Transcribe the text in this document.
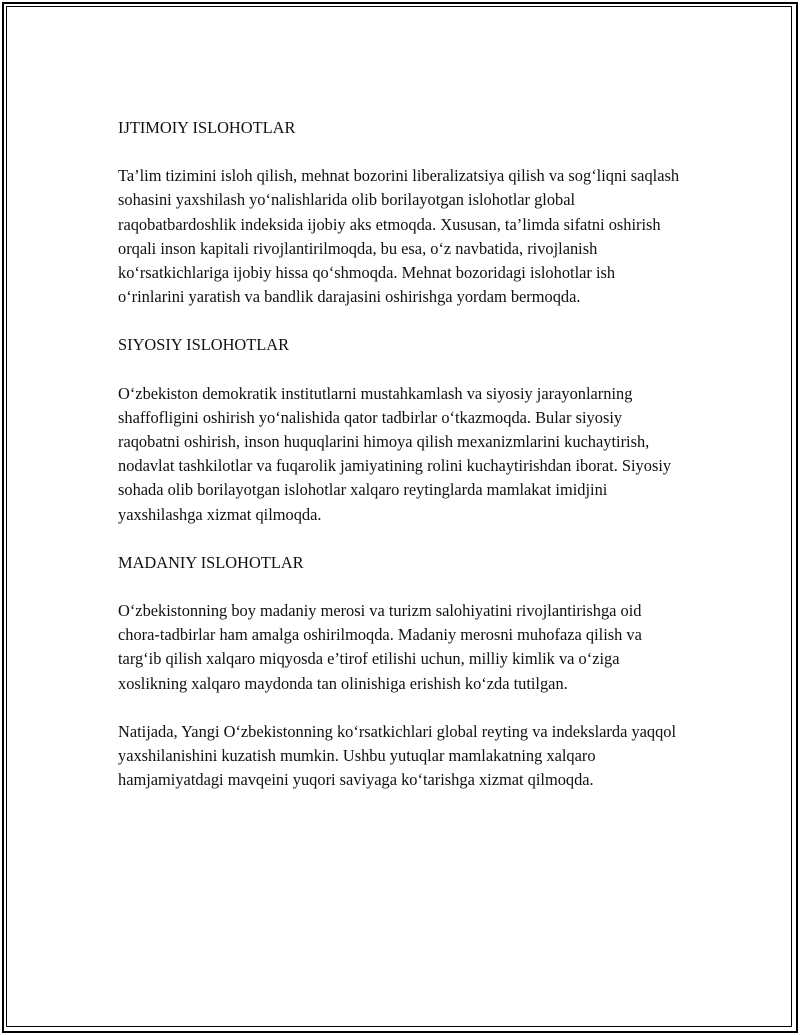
IJTIMOIY ISLOHOTLAR
Ta’lim tizimini isloh qilish, mehnat bozorini liberalizatsiya qilish va sog‘liqni saqlash sohasini yaxshilash yo‘nalishlarida olib borilayotgan islohotlar global raqobatbardoshlik indeksida ijobiy aks etmoqda. Xususan, ta’limda sifatni oshirish orqali inson kapitali rivojlantirilmoqda, bu esa, o‘z navbatida, rivojlanish ko‘rsatkichlariga ijobiy hissa qo‘shmoqda. Mehnat bozoridagi islohotlar ish o‘rinlarini yaratish va bandlik darajasini oshirishga yordam bermoqda.
SIYOSIY ISLOHOTLAR
O‘zbekiston demokratik institutlarni mustahkamlash va siyosiy jarayonlarning shaffofligini oshirish yo‘nalishida qator tadbirlar o‘tkazmoqda. Bular siyosiy raqobatni oshirish, inson huquqlarini himoya qilish mexanizmlarini kuchaytirish, nodavlat tashkilotlar va fuqarolik jamiyatining rolini kuchaytirishdan iborat. Siyosiy sohada olib borilayotgan islohotlar xalqaro reytinglarda mamlakat imidjini yaxshilashga xizmat qilmoqda.
MADANIY ISLOHOTLAR
O‘zbekistonning boy madaniy merosi va turizm salohiyatini rivojlantirishga oid chora-tadbirlar ham amalga oshirilmoqda. Madaniy merosni muhofaza qilish va targ‘ib qilish xalqaro miqyosda e’tirof etilishi uchun, milliy kimlik va o‘ziga xoslikning xalqaro maydonda tan olinishiga erishish ko‘zda tutilgan.
Natijada, Yangi O‘zbekistonning ko‘rsatkichlari global reyting va indekslarda yaqqol yaxshilanishini kuzatish mumkin. Ushbu yutuqlar mamlakatning xalqaro hamjamiyatdagi mavqeini yuqori saviyaga ko‘tarishga xizmat qilmoqda.
